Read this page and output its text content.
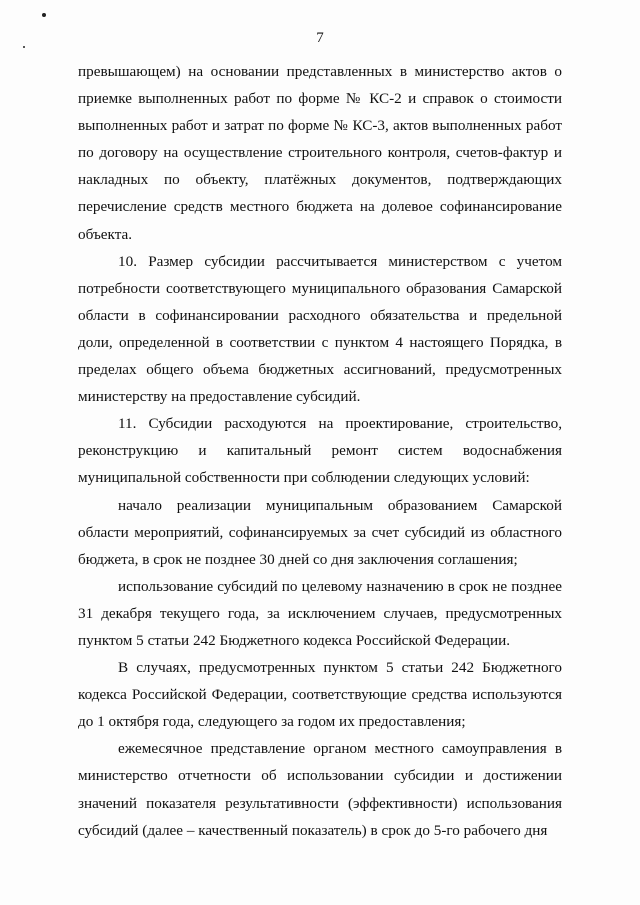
7

превышающем) на основании представленных в министерство актов о приемке выполненных работ по форме № КС-2 и справок о стоимости выполненных работ и затрат по форме № КС-3, актов выполненных работ по договору на осуществление строительного контроля, счетов-фактур и накладных по объекту, платёжных документов, подтверждающих перечисление средств местного бюджета на долевое софинансирование объекта.

10. Размер субсидии рассчитывается министерством с учетом потребности соответствующего муниципального образования Самарской области в софинансировании расходного обязательства и предельной доли, определенной в соответствии с пунктом 4 настоящего Порядка, в пределах общего объема бюджетных ассигнований, предусмотренных министерству на предоставление субсидий.

11. Субсидии расходуются на проектирование, строительство, реконструкцию и капитальный ремонт систем водоснабжения муниципальной собственности при соблюдении следующих условий:

начало реализации муниципальным образованием Самарской области мероприятий, софинансируемых за счет субсидий из областного бюджета, в срок не позднее 30 дней со дня заключения соглашения;

использование субсидий по целевому назначению в срок не позднее 31 декабря текущего года, за исключением случаев, предусмотренных пунктом 5 статьи 242 Бюджетного кодекса Российской Федерации.

В случаях, предусмотренных пунктом 5 статьи 242 Бюджетного кодекса Российской Федерации, соответствующие средства используются до 1 октября года, следующего за годом их предоставления;

ежемесячное представление органом местного самоуправления в министерство отчетности об использовании субсидии и достижении значений показателя результативности (эффективности) использования субсидий (далее – качественный показатель) в срок до 5-го рабочего дня
